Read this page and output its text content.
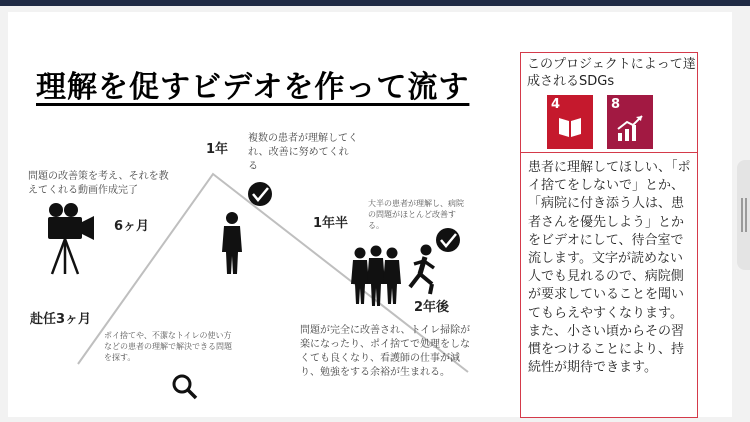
理解を促すビデオを作って流す
問題の改善策を考え、それを教えてくれる動画作成完了
6ヶ月
1年
複数の患者が理解してくれ、改善に努めてくれる
1年半
大半の患者が理解し、病院の問題がほとんど改善する。
2年後
問題が完全に改善され、トイレ掃除が楽になったり、ポイ捨てで処理をしなくても良くなり、看護師の仕事が減り、勉強をする余裕が生まれる。
赴任3ヶ月
ポイ捨てや、不潔なトイレの使い方などの患者の理解で解決できる問題を探す。
このプロジェクトによって達成されるSDGs
4	8
患者に理解してほしい、「ポイ捨てをしないで」とか、「病院に付き添う人は、患者さんを優先しよう」とかをビデオにして、待合室で流します。文字が読めない人でも見れるので、病院側が要求していることを聞いてもらえやすくなります。また、小さい頃からその習慣をつけることにより、持続性が期待できます。
